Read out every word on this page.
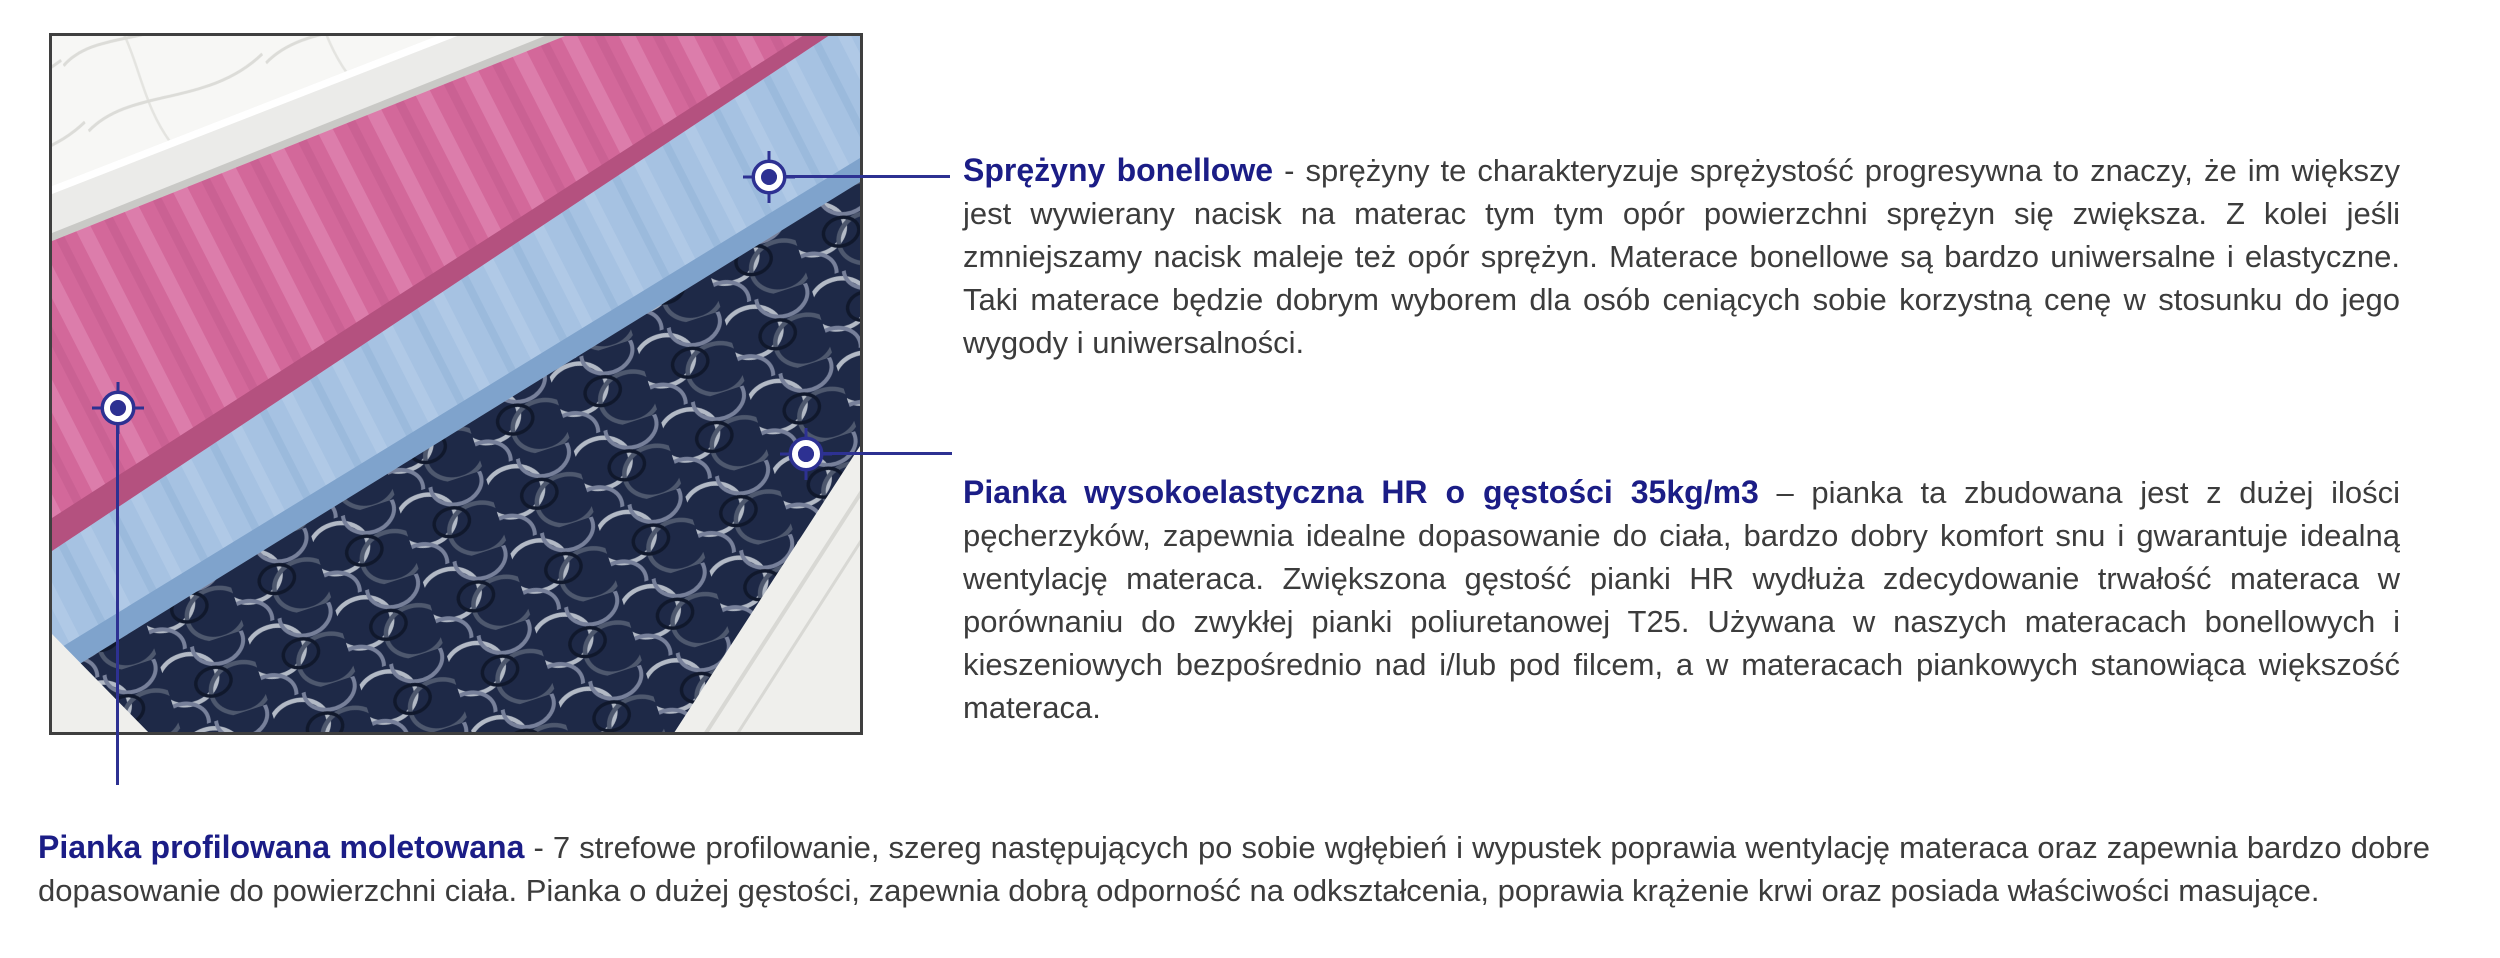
Sprężyny bonellowe - sprężyny te charakteryzuje sprężystość progresywna to znaczy, że im większy jest wywierany nacisk na materac tym tym opór powierzchni sprężyn się zwiększa. Z kolei jeśli zmniejszamy nacisk maleje też opór sprężyn. Materace bonellowe są bardzo uniwersalne i elastyczne. Taki materace będzie dobrym wyborem dla osób ceniących sobie korzystną cenę w stosunku do jego wygody i uniwersalności.

Pianka wysokoelastyczna HR o gęstości 35kg/m3 – pianka ta zbudowana jest z dużej ilości pęcherzyków, zapewnia idealne dopasowanie do ciała, bardzo dobry komfort snu i gwarantuje idealną wentylację materaca. Zwiększona gęstość pianki HR wydłuża zdecydowanie trwałość materaca w porównaniu do zwykłej pianki poliuretanowej T25. Używana w naszych materacach bonellowych i kieszeniowych bezpośrednio nad i/lub pod filcem, a w materacach piankowych stanowiąca większość materaca.

Pianka profilowana moletowana - 7 strefowe profilowanie, szereg następujących po sobie wgłębień i wypustek poprawia wentylację materaca oraz zapewnia bardzo dobre dopasowanie do powierzchni ciała. Pianka o dużej gęstości, zapewnia dobrą odporność na odkształcenia, poprawia krążenie krwi oraz posiada właściwości masujące.
